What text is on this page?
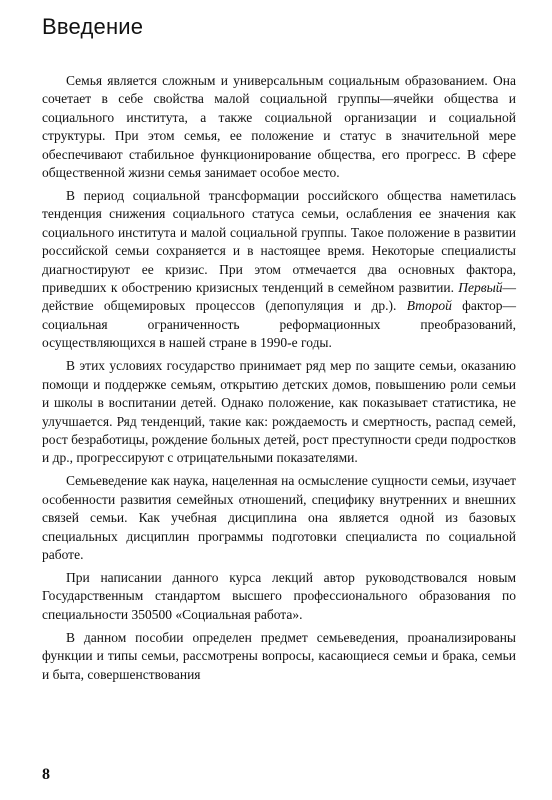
Введение

Семья является сложным и универсальным социальным образованием. Она сочетает в себе свойства малой социальной группы—ячейки общества и социального института, а также социальной организации и социальной структуры. При этом семья, ее положение и статус в значительной мере обеспечивают стабильное функционирование общества, его прогресс. В сфере общественной жизни семья занимает особое место.

В период социальной трансформации российского общества наметилась тенденция снижения социального статуса семьи, ослабления ее значения как социального института и малой социальной группы. Такое положение в развитии российской семьи сохраняется и в настоящее время. Некоторые специалисты диагностируют ее кризис. При этом отмечается два основных фактора, приведших к обострению кризисных тенденций в семейном развитии. Первый—действие общемировых процессов (депопуляция и др.). Второй фактор—социальная ограниченность реформационных преобразований, осуществляющихся в нашей стране в 1990-е годы.

В этих условиях государство принимает ряд мер по защите семьи, оказанию помощи и поддержке семьям, открытию детских домов, повышению роли семьи и школы в воспитании детей. Однако положение, как показывает статистика, не улучшается. Ряд тенденций, такие как: рождаемость и смертность, распад семей, рост безработицы, рождение больных детей, рост преступности среди подростков и др., прогрессируют с отрицательными показателями.

Семьеведение как наука, нацеленная на осмысление сущности семьи, изучает особенности развития семейных отношений, специфику внутренних и внешних связей семьи. Как учебная дисциплина она является одной из базовых специальных дисциплин программы подготовки специалиста по социальной работе.

При написании данного курса лекций автор руководствовался новым Государственным стандартом высшего профессионального образования по специальности 350500 «Социальная работа».

В данном пособии определен предмет семьеведения, проанализированы функции и типы семьи, рассмотрены вопросы, касающиеся семьи и брака, семьи и быта, совершенствования

8
